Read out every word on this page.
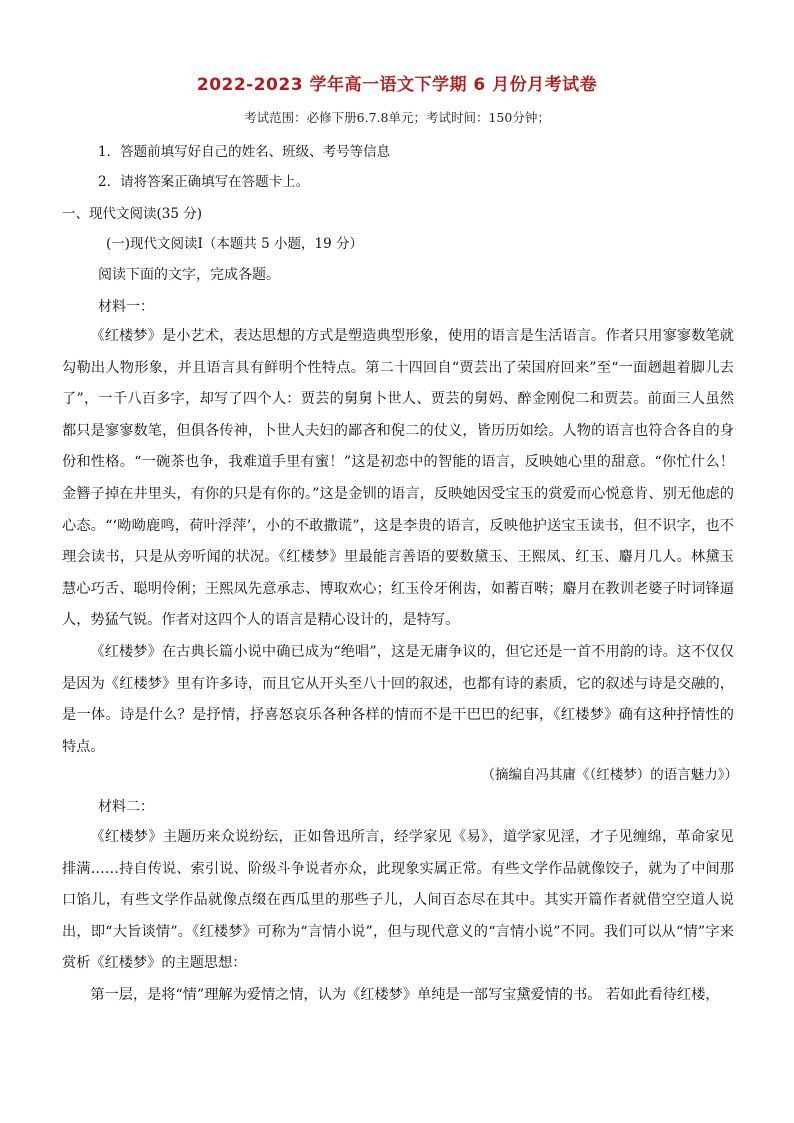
2022-2023 学年高一语文下学期 6 月份月考试卷
考试范围：必修下册6.7.8单元；考试时间：150分钟；
1．答题前填写好自己的姓名、班级、考号等信息
2．请将答案正确填写在答题卡上。
一、现代文阅读(35 分)
(一)现代文阅读Ⅰ（本题共 5 小题，19 分）
阅读下面的文字，完成各题。
材料一：

《红楼梦》是小艺术，表达思想的方式是塑造典型形象，使用的语言是生活语言。作者只用寥寥数笔就勾勒出人物形象，并且语言具有鲜明个性特点。第二十四回自“贾芸出了荣国府回来”至“一面趔趄着脚儿去了”，一千八百多字，却写了四个人：贾芸的舅舅卜世人、贾芸的舅妈、醉金刚倪二和贾芸。前面三人虽然都只是寥寥数笔，但俱各传神，卜世人夫妇的鄙吝和倪二的仗义，皆历历如绘。人物的语言也符合各自的身份和性格。“一碗茶也争，我难道手里有蜜！”这是初恋中的智能的语言，反映她心里的甜意。“你忙什么！金簪子掉在井里头，有你的只是有你的。”这是金钏的语言，反映她因受宝玉的赏爱而心悦意肯、别无他虑的心态。“‘呦呦鹿鸣，荷叶浮萍’，小的不敢撒谎”，这是李贵的语言，反映他护送宝玉读书，但不识字，也不理会读书，只是从旁听闻的状况。《红楼梦》里最能言善语的要数黛玉、王熙凤、红玉、麝月几人。林黛玉慧心巧舌、聪明伶俐；王熙凤先意承志、博取欢心；红玉伶牙俐齿，如蓄百啭；麝月在教训老婆子时词锋逼人，势猛气锐。作者对这四个人的语言是精心设计的，是特写。

《红楼梦》在古典长篇小说中确已成为“绝唱”，这是无庸争议的，但它还是一首不用韵的诗。这不仅仅是因为《红楼梦》里有许多诗，而且它从开头至八十回的叙述，也都有诗的素质，它的叙述与诗是交融的，是一体。诗是什么？是抒情，抒喜怒哀乐各种各样的情而不是干巴巴的纪事，《红楼梦》确有这种抒情性的特点。

（摘编自冯其庸《（红楼梦）的语言魅力》）
材料二：

《红楼梦》主题历来众说纷纭，正如鲁迅所言，经学家见《易》，道学家见淫，才子见缠绵，革命家见排满……持自传说、索引说、阶级斗争说者亦众，此现象实属正常。有些文学作品就像饺子，就为了中间那口馅儿，有些文学作品就像点缀在西瓜里的那些子儿，人间百态尽在其中。其实开篇作者就借空空道人说出，即“大旨谈情”。《红楼梦》可称为“言情小说”，但与现代意义的“言情小说”不同。我们可以从“情”字来赏析《红楼梦》的主题思想：

第一层，是将“情”理解为爱情之情，认为《红楼梦》单纯是一部写宝黛爱情的书。 若如此看待红楼，
